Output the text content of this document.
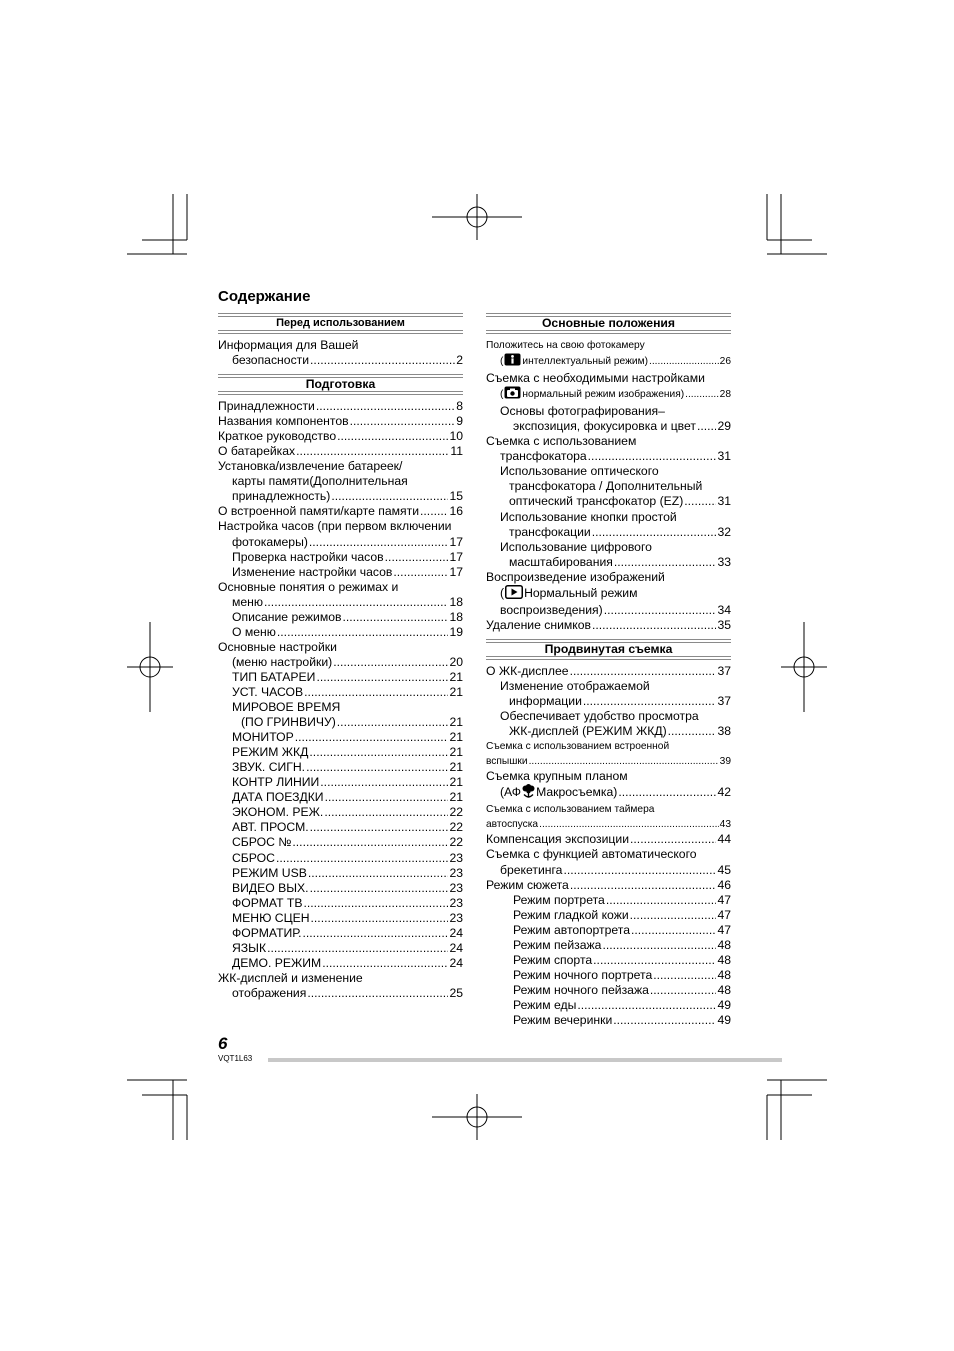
Содержание
Перед использованием
Информация для Вашей
безопасности .....	2
Подготовка
Принадлежности .....	8
Названия компонентов .....	9
Краткое руководство .....	10
О батарейках .....	11
Установка/извлечение батареек/
карты памяти(Дополнительная
принадлежность) .....	15
О встроенной памяти/карте памяти ..... 16
Настройка часов (при первом включении
фотокамеры) .....	17
Проверка настройки часов .....	17
Изменение настройки часов .....	17
Основные понятия о режимах и
меню .....	18
Описание режимов .....	18
О меню .....	19
Основные настройки
(меню настройки) .....	20
ТИП БАТАРЕИ .....	21
УСТ. ЧАСОВ .....	21
МИРОВОЕ ВРЕМЯ
(ПО ГРИНВИЧУ) .....	21
МОНИТОР .....	21
РЕЖИМ ЖКД .....	21
ЗВУК. СИГН. .....	21
КОНТР ЛИНИИ .....	21
ДАТА ПОЕЗДКИ .....	21
ЭКОНОМ. РЕЖ. .....	22
АВТ. ПРОСМ. .....	22
СБРОС № .....	22
СБРОС .....	23
РЕЖИМ USB .....	23
ВИДЕО ВЫХ. .....	23
ФОРМАТ ТВ .....	23
МЕНЮ СЦЕН .....	23
ФОРМАТИР. .....	24
ЯЗЫК .....	24
ДЕМО. РЕЖИМ .....	24
ЖК-дисплей и изменение
отображения .....	25
Основные положения
Положитесь на свою фотокамеру
( интеллектуальный режим) .....	26
Съемка с необходимыми настройками
( нормальный режим изображения) .....	28
Основы фотографирования–
экспозиция, фокусировка и цвет ..... 29
Съемка с использованием
трансфокатора .....	31
Использование оптического
трансфокатора / Дополнительный
оптический трансфокатор (EZ) .....	31
Использование кнопки простой
трансфокации .....	32
Использование цифрового
масштабирования .....	33
Воспроизведение изображений
( Нормальный режим
воспроизведения) .....	34
Удаление снимков .....	35
Продвинутая съемка
О ЖК-дисплее .....	37
Изменение отображаемой
информации .....	37
Обеспечивает удобство просмотра
ЖК-дисплей (РЕЖИМ ЖКД) .....	38
Съемка с использованием встроенной
вспышки .....	39
Съемка крупным планом
(АФ Макросъемка) .....	42
Съемка с использованием таймера
автоспуска .....	43
Компенсация экспозиции .....	44
Съемка с функцией автоматического
брекетинга .....	45
Режим сюжета .....	46
Режим портрета .....	47
Режим гладкой кожи .....	47
Режим автопортрета .....	47
Режим пейзажа .....	48
Режим спорта .....	48
Режим ночного портрета .....	48
Режим ночного пейзажа .....	48
Режим еды .....	49
Режим вечеринки .....	49
6
VQT1L63
